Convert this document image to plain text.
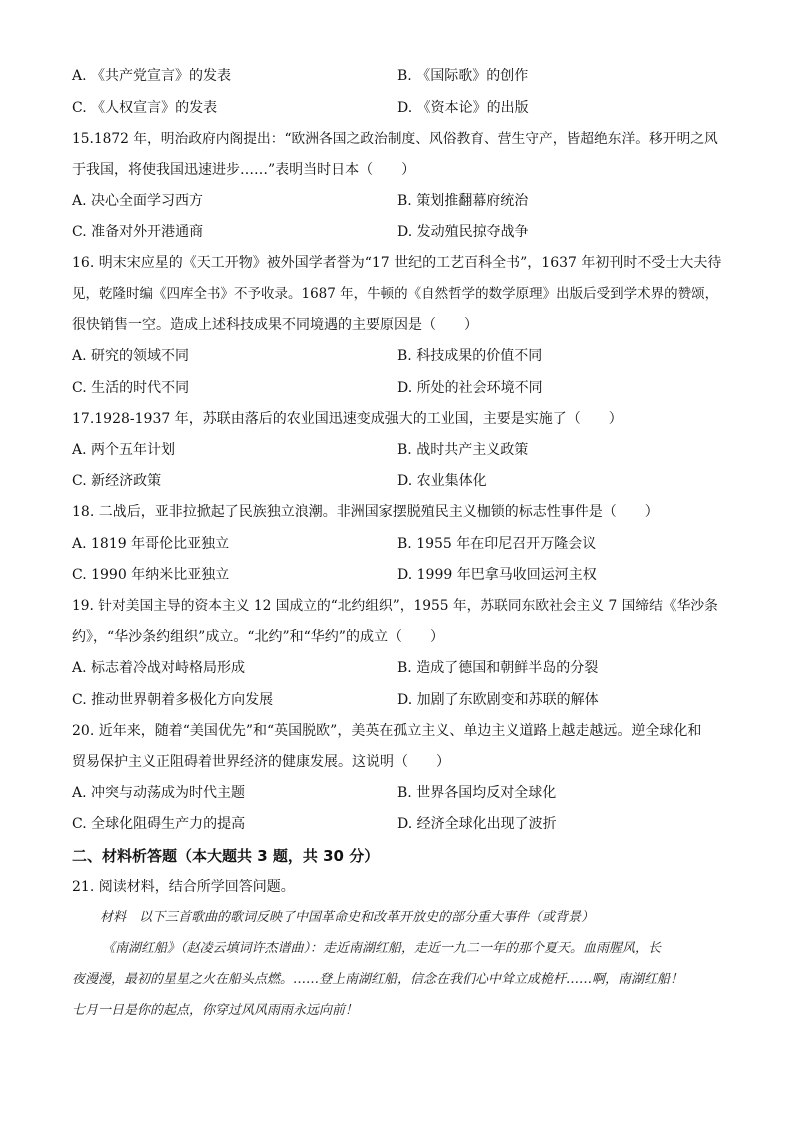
A. 《共产党宣言》的发表	B. 《国际歌》的创作
C. 《人权宣言》的发表	D. 《资本论》的出版
15.1872 年，明治政府内阁提出：“欧洲各国之政治制度、风俗教育、营生守产，皆超绝东洋。移开明之风
于我国，将使我国迅速进步……”表明当时日本（　　）
A. 决心全面学习西方	B. 策划推翻幕府统治
C. 准备对外开港通商	D. 发动殖民掠夺战争
16. 明末宋应星的《天工开物》被外国学者誉为“17 世纪的工艺百科全书”，1637 年初刊时不受士大夫待
见，乾隆时编《四库全书》不予收录。1687 年，牛顿的《自然哲学的数学原理》出版后受到学术界的赞颂，
很快销售一空。造成上述科技成果不同境遇的主要原因是（　　）
A. 研究的领域不同	B. 科技成果的价值不同
C. 生活的时代不同	D. 所处的社会环境不同
17.1928-1937 年，苏联由落后的农业国迅速变成强大的工业国，主要是实施了（　　）
A. 两个五年计划	B. 战时共产主义政策
C. 新经济政策	D. 农业集体化
18. 二战后，亚非拉掀起了民族独立浪潮。非洲国家摆脱殖民主义枷锁的标志性事件是（　　）
A. 1819 年哥伦比亚独立	B. 1955 年在印尼召开万隆会议
C. 1990 年纳米比亚独立	D. 1999 年巴拿马收回运河主权
19. 针对美国主导的资本主义 12 国成立的“北约组织”，1955 年，苏联同东欧社会主义 7 国缔结《华沙条
约》，“华沙条约组织”成立。“北约”和“华约”的成立（　　）
A. 标志着冷战对峙格局形成	B. 造成了德国和朝鲜半岛的分裂
C. 推动世界朝着多极化方向发展	D. 加剧了东欧剧变和苏联的解体
20. 近年来，随着“美国优先”和“英国脱欧”，美英在孤立主义、单边主义道路上越走越远。逆全球化和
贸易保护主义正阻碍着世界经济的健康发展。这说明（　　）
A. 冲突与动荡成为时代主题	B. 世界各国均反对全球化
C. 全球化阻碍生产力的提高	D. 经济全球化出现了波折
二、材料析答题（本大题共 3 题，共 30 分）
21. 阅读材料，结合所学回答问题。
材料　以下三首歌曲的歌词反映了中国革命史和改革开放史的部分重大事件（或背景）
《南湖红船》（赵凌云填词许杰谱曲）：走近南湖红船，走近一九二一年的那个夏天。血雨腥风，长
夜漫漫，最初的星星之火在船头点燃。……登上南湖红船，信念在我们心中耸立成桅杆……啊，南湖红船！
七月一日是你的起点，你穿过风风雨雨永远向前！
